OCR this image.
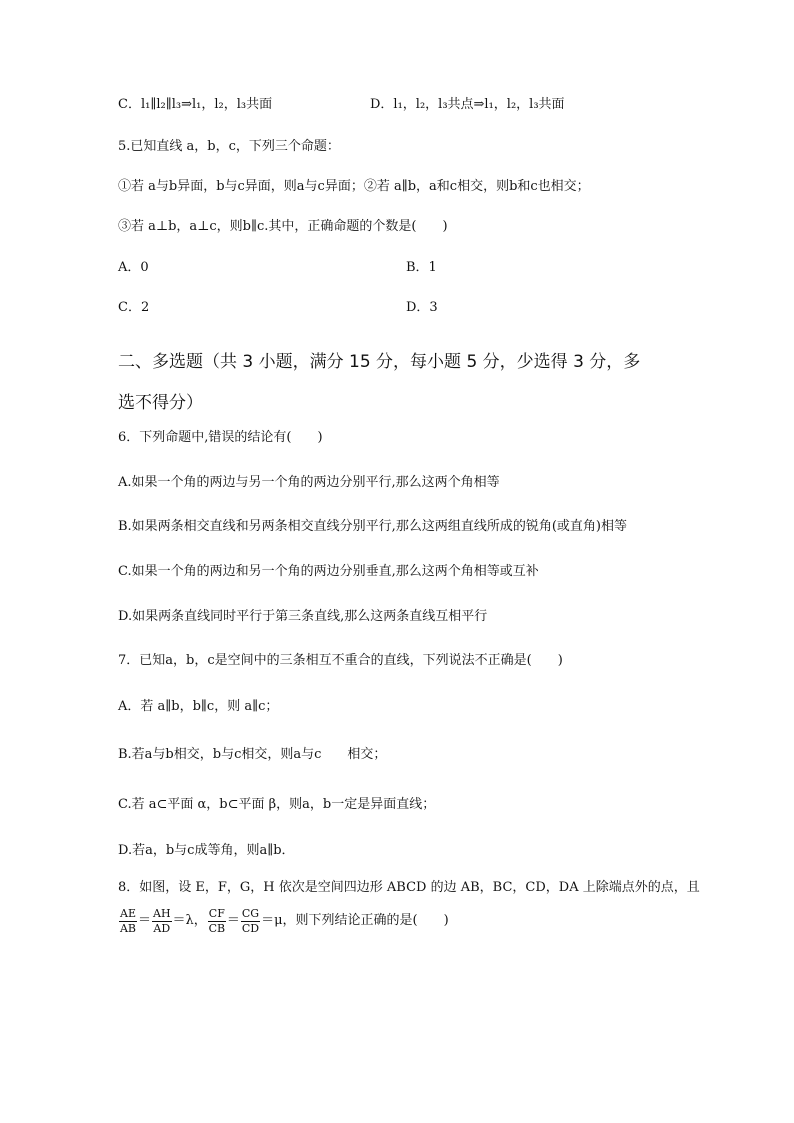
C．l₁∥l₂∥l₃⇒l₁，l₂，l₃共面	D．l₁，l₂，l₃共点⇒l₁，l₂，l₃共面
5.已知直线 a，b，c，下列三个命题：
①若 a与b异面，b与c异面，则a与c异面；②若 a∥b，a和c相交，则b和c也相交；
③若 a⊥b，a⊥c，则b∥c.其中，正确命题的个数是(　　)
A．0	B．1
C．2	D．3
二、多选题（共 3 小题，满分 15 分，每小题 5 分，少选得 3 分，多
选不得分）
6．下列命题中,错误的结论有(　　)
A.如果一个角的两边与另一个角的两边分别平行,那么这两个角相等
B.如果两条相交直线和另两条相交直线分别平行,那么这两组直线所成的锐角(或直角)相等
C.如果一个角的两边和另一个角的两边分别垂直,那么这两个角相等或互补
D.如果两条直线同时平行于第三条直线,那么这两条直线互相平行
7．已知a，b，c是空间中的三条相互不重合的直线，下列说法不正确是(　　)
A．若 a∥b，b∥c，则 a∥c；
B.若a与b相交，b与c相交，则a与c　　相交；
C.若 a⊂平面 α，b⊂平面 β，则a，b一定是异面直线；
D.若a，b与c成等角，则a∥b．
8．如图，设 E，F，G，H 依次是空间四边形 ABCD 的边 AB，BC，CD，DA 上除端点外的点，且
$\frac{AE}{AB} = \frac{AH}{AD} =\lambda$， $\frac{CF}{CB} = \frac{CG}{CD} =\mu$，则下列结论正确的是(　　)
